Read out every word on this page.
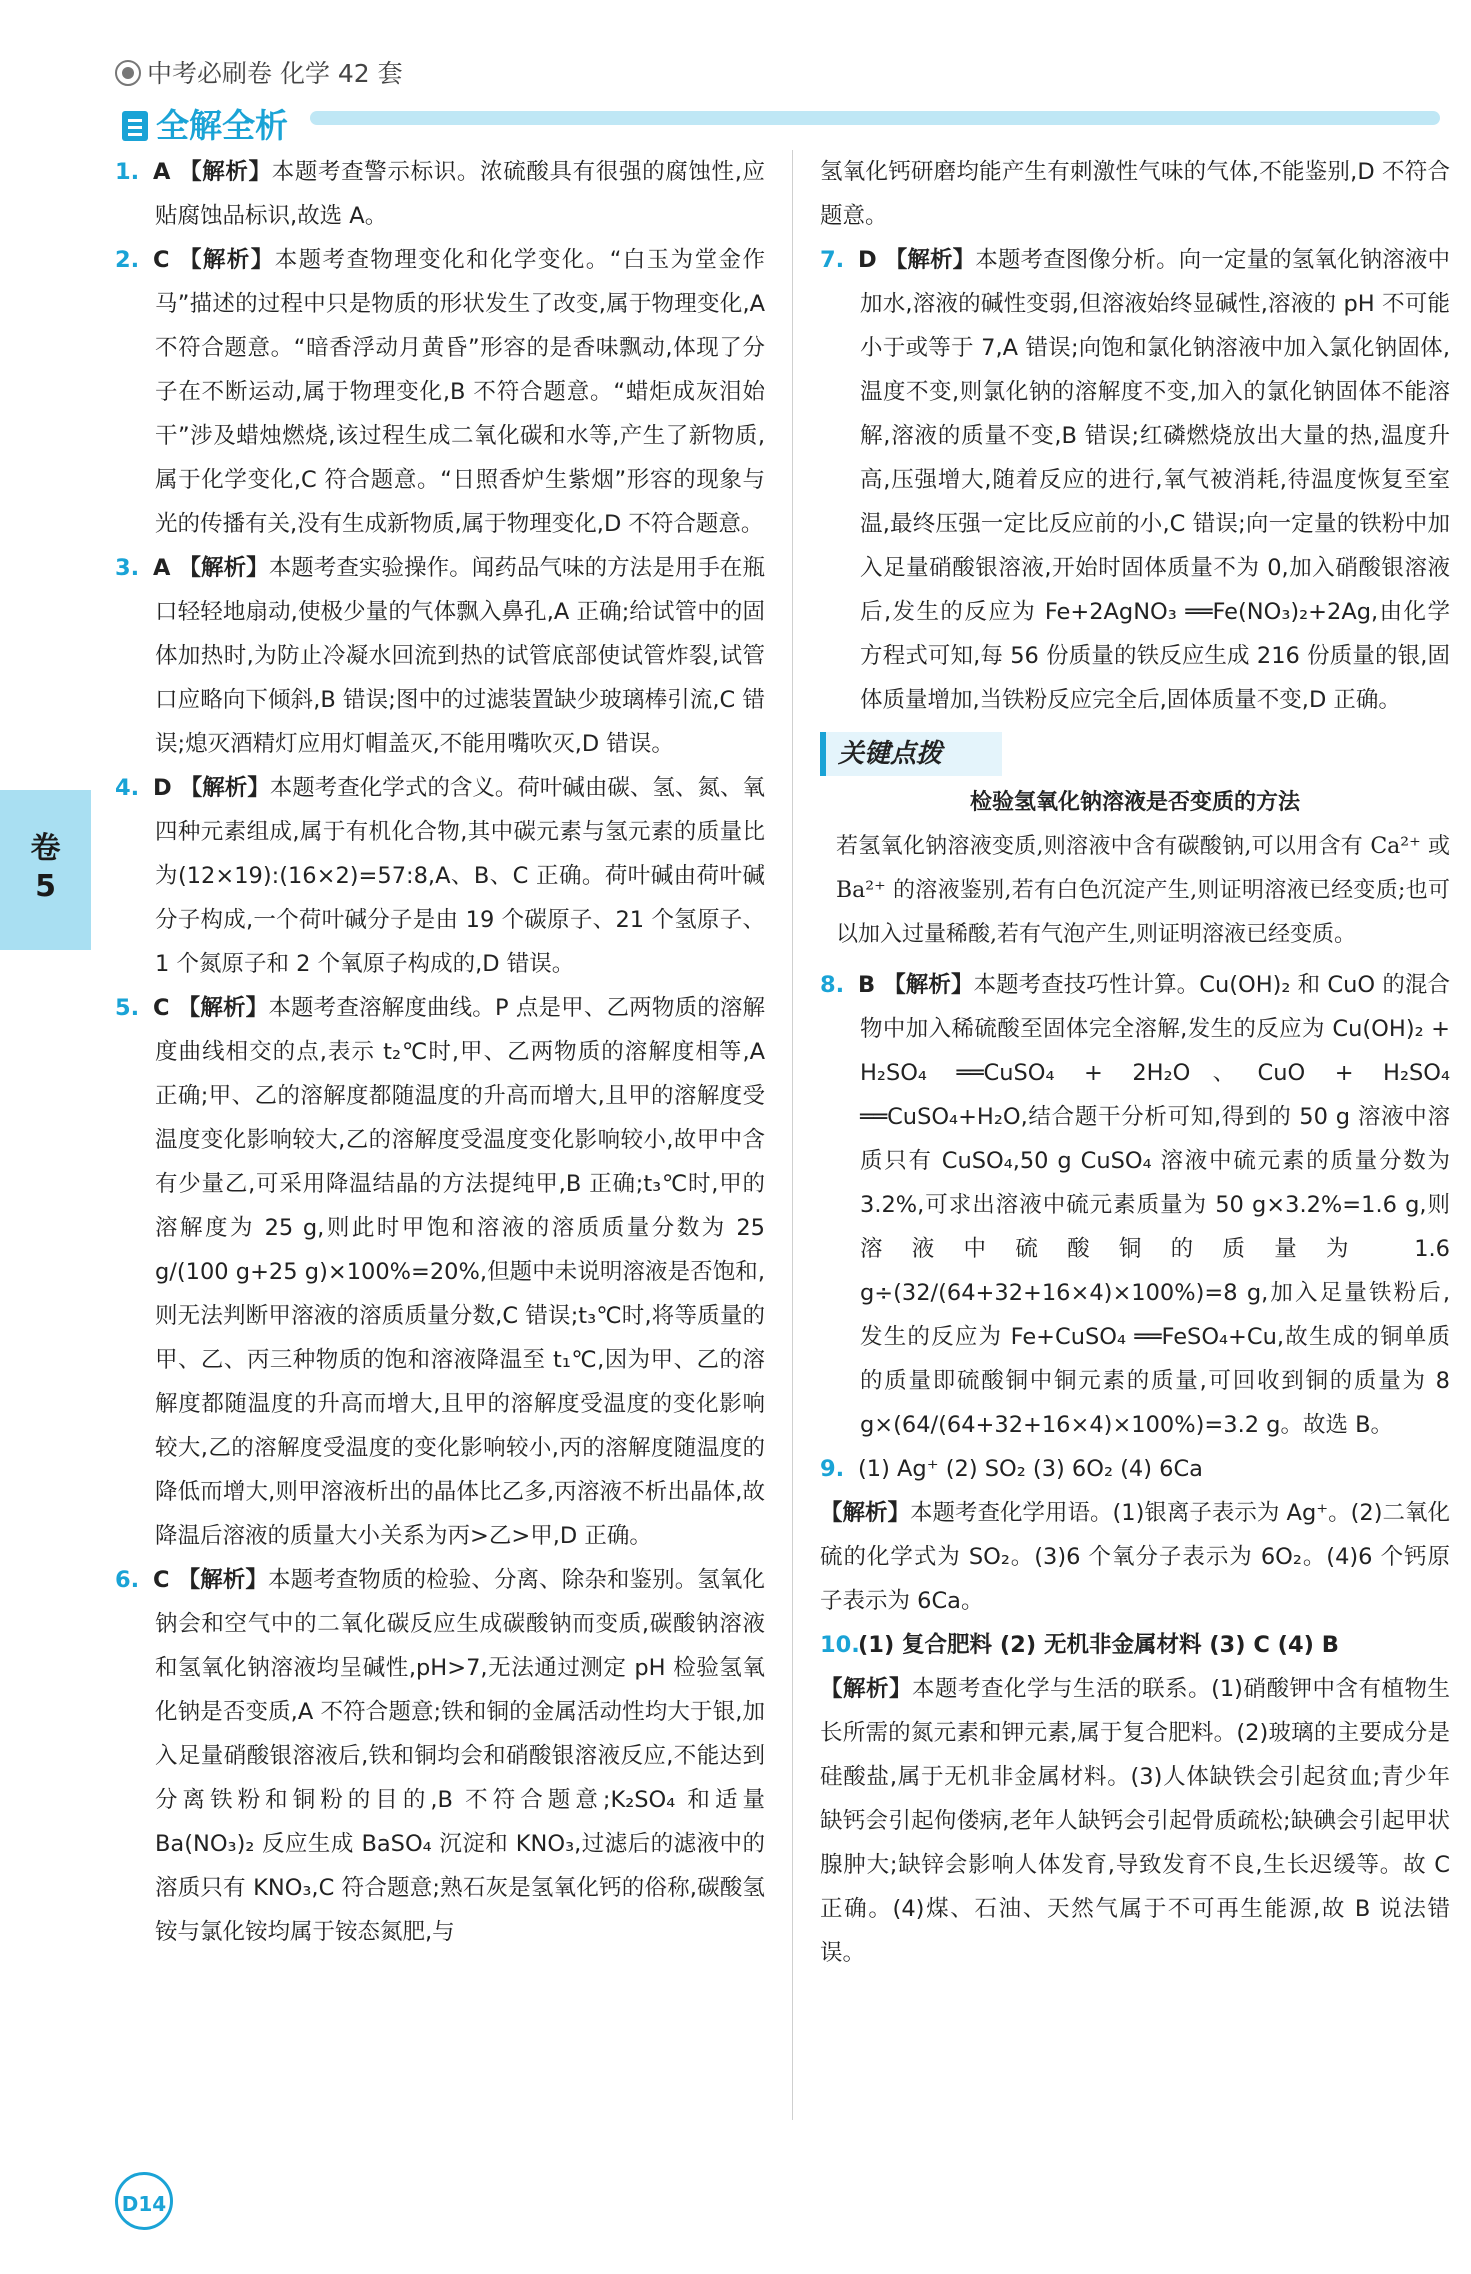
中考必刷卷 化学 42 套
全解全析
卷
5

1. A 【解析】本题考查警示标识。浓硫酸具有很强的腐蚀性,应贴腐蚀品标识,故选 A。

2. C 【解析】本题考查物理变化和化学变化。“白玉为堂金作马”描述的过程中只是物质的形状发生了改变,属于物理变化,A 不符合题意。“暗香浮动月黄昏”形容的是香味飘动,体现了分子在不断运动,属于物理变化,B 不符合题意。“蜡炬成灰泪始干”涉及蜡烛燃烧,该过程生成二氧化碳和水等,产生了新物质,属于化学变化,C 符合题意。“日照香炉生紫烟”形容的现象与光的传播有关,没有生成新物质,属于物理变化,D 不符合题意。

3. A 【解析】本题考查实验操作。闻药品气味的方法是用手在瓶口轻轻地扇动,使极少量的气体飘入鼻孔,A 正确;给试管中的固体加热时,为防止冷凝水回流到热的试管底部使试管炸裂,试管口应略向下倾斜,B 错误;图中的过滤装置缺少玻璃棒引流,C 错误;熄灭酒精灯应用灯帽盖灭,不能用嘴吹灭,D 错误。

4. D 【解析】本题考查化学式的含义。荷叶碱由碳、氢、氮、氧四种元素组成,属于有机化合物,其中碳元素与氢元素的质量比为(12×19):(16×2)=57:8,A、B、C 正确。荷叶碱由荷叶碱分子构成,一个荷叶碱分子是由 19 个碳原子、21 个氢原子、1 个氮原子和 2 个氧原子构成的,D 错误。

5. C 【解析】本题考查溶解度曲线。P 点是甲、乙两物质的溶解度曲线相交的点,表示 t₂℃时,甲、乙两物质的溶解度相等,A 正确;甲、乙的溶解度都随温度的升高而增大,且甲的溶解度受温度变化影响较大,乙的溶解度受温度变化影响较小,故甲中含有少量乙,可采用降温结晶的方法提纯甲,B 正确;t₃℃时,甲的溶解度为 25 g,则此时甲饱和溶液的溶质质量分数为 25 g/(100 g+25 g)×100%=20%,但题中未说明溶液是否饱和,则无法判断甲溶液的溶质质量分数,C 错误;t₃℃时,将等质量的甲、乙、丙三种物质的饱和溶液降温至 t₁℃,因为甲、乙的溶解度都随温度的升高而增大,且甲的溶解度受温度的变化影响较大,乙的溶解度受温度的变化影响较小,丙的溶解度随温度的降低而增大,则甲溶液析出的晶体比乙多,丙溶液不析出晶体,故降温后溶液的质量大小关系为丙>乙>甲,D 正确。

6. C 【解析】本题考查物质的检验、分离、除杂和鉴别。氢氧化钠会和空气中的二氧化碳反应生成碳酸钠而变质,碳酸钠溶液和氢氧化钠溶液均呈碱性,pH>7,无法通过测定 pH 检验氢氧化钠是否变质,A 不符合题意;铁和铜的金属活动性均大于银,加入足量硝酸银溶液后,铁和铜均会和硝酸银溶液反应,不能达到分离铁粉和铜粉的目的,B 不符合题意;K₂SO₄ 和适量 Ba(NO₃)₂ 反应生成 BaSO₄ 沉淀和 KNO₃,过滤后的滤液中的溶质只有 KNO₃,C 符合题意;熟石灰是氢氧化钙的俗称,碳酸氢铵与氯化铵均属于铵态氮肥,与

氢氧化钙研磨均能产生有刺激性气味的气体,不能鉴别,D 不符合题意。

7. D 【解析】本题考查图像分析。向一定量的氢氧化钠溶液中加水,溶液的碱性变弱,但溶液始终显碱性,溶液的 pH 不可能小于或等于 7,A 错误;向饱和氯化钠溶液中加入氯化钠固体,温度不变,则氯化钠的溶解度不变,加入的氯化钠固体不能溶解,溶液的质量不变,B 错误;红磷燃烧放出大量的热,温度升高,压强增大,随着反应的进行,氧气被消耗,待温度恢复至室温,最终压强一定比反应前的小,C 错误;向一定量的铁粉中加入足量硝酸银溶液,开始时固体质量不为 0,加入硝酸银溶液后,发生的反应为 Fe+2AgNO₃ ══Fe(NO₃)₂+2Ag,由化学方程式可知,每 56 份质量的铁反应生成 216 份质量的银,固体质量增加,当铁粉反应完全后,固体质量不变,D 正确。

关键点拨
检验氢氧化钠溶液是否变质的方法
若氢氧化钠溶液变质,则溶液中含有碳酸钠,可以用含有 Ca²⁺ 或 Ba²⁺ 的溶液鉴别,若有白色沉淀产生,则证明溶液已经变质;也可以加入过量稀酸,若有气泡产生,则证明溶液已经变质。

8. B 【解析】本题考查技巧性计算。Cu(OH)₂ 和 CuO 的混合物中加入稀硫酸至固体完全溶解,发生的反应为 Cu(OH)₂ + H₂SO₄ ══CuSO₄ + 2H₂O、CuO + H₂SO₄ ══CuSO₄+H₂O,结合题干分析可知,得到的 50 g 溶液中溶质只有 CuSO₄,50 g CuSO₄ 溶液中硫元素的质量分数为 3.2%,可求出溶液中硫元素质量为 50 g×3.2%=1.6 g,则溶液中硫酸铜的质量为 1.6 g÷(32/(64+32+16×4)×100%)=8 g,加入足量铁粉后,发生的反应为 Fe+CuSO₄ ══FeSO₄+Cu,故生成的铜单质的质量即硫酸铜中铜元素的质量,可回收到铜的质量为 8 g×(64/(64+32+16×4)×100%)=3.2 g。故选 B。

9. (1) Ag⁺ (2) SO₂ (3) 6O₂ (4) 6Ca

【解析】本题考查化学用语。(1)银离子表示为 Ag⁺。(2)二氧化硫的化学式为 SO₂。(3)6 个氧分子表示为 6O₂。(4)6 个钙原子表示为 6Ca。

10.(1) 复合肥料 (2) 无机非金属材料 (3) C (4) B

【解析】本题考查化学与生活的联系。(1)硝酸钾中含有植物生长所需的氮元素和钾元素,属于复合肥料。(2)玻璃的主要成分是硅酸盐,属于无机非金属材料。(3)人体缺铁会引起贫血;青少年缺钙会引起佝偻病,老年人缺钙会引起骨质疏松;缺碘会引起甲状腺肿大;缺锌会影响人体发育,导致发育不良,生长迟缓等。故 C 正确。(4)煤、石油、天然气属于不可再生能源,故 B 说法错误。

D14
